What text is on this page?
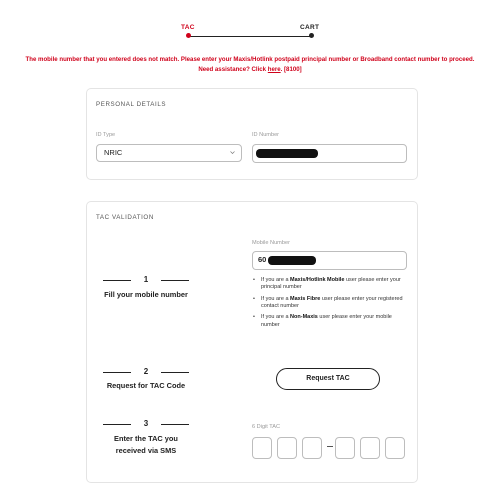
TAC	CART
The mobile number that you entered does not match. Please enter your Maxis/Hotlink postpaid principal number or Broadband contact number to proceed.
Need assistance? Click here. [8100]
PERSONAL DETAILS
ID Type	ID Number
NRIC
TAC VALIDATION
Mobile Number
60
1
Fill your mobile number
• If you are a Maxis/Hotlink Mobile user please enter your principal number
• If you are a Maxis Fibre user please enter your registered contact number
• If you are a Non-Maxis user please enter your mobile number
2
Request for TAC Code
Request TAC
3
Enter the TAC you
received via SMS
6 Digit TAC
